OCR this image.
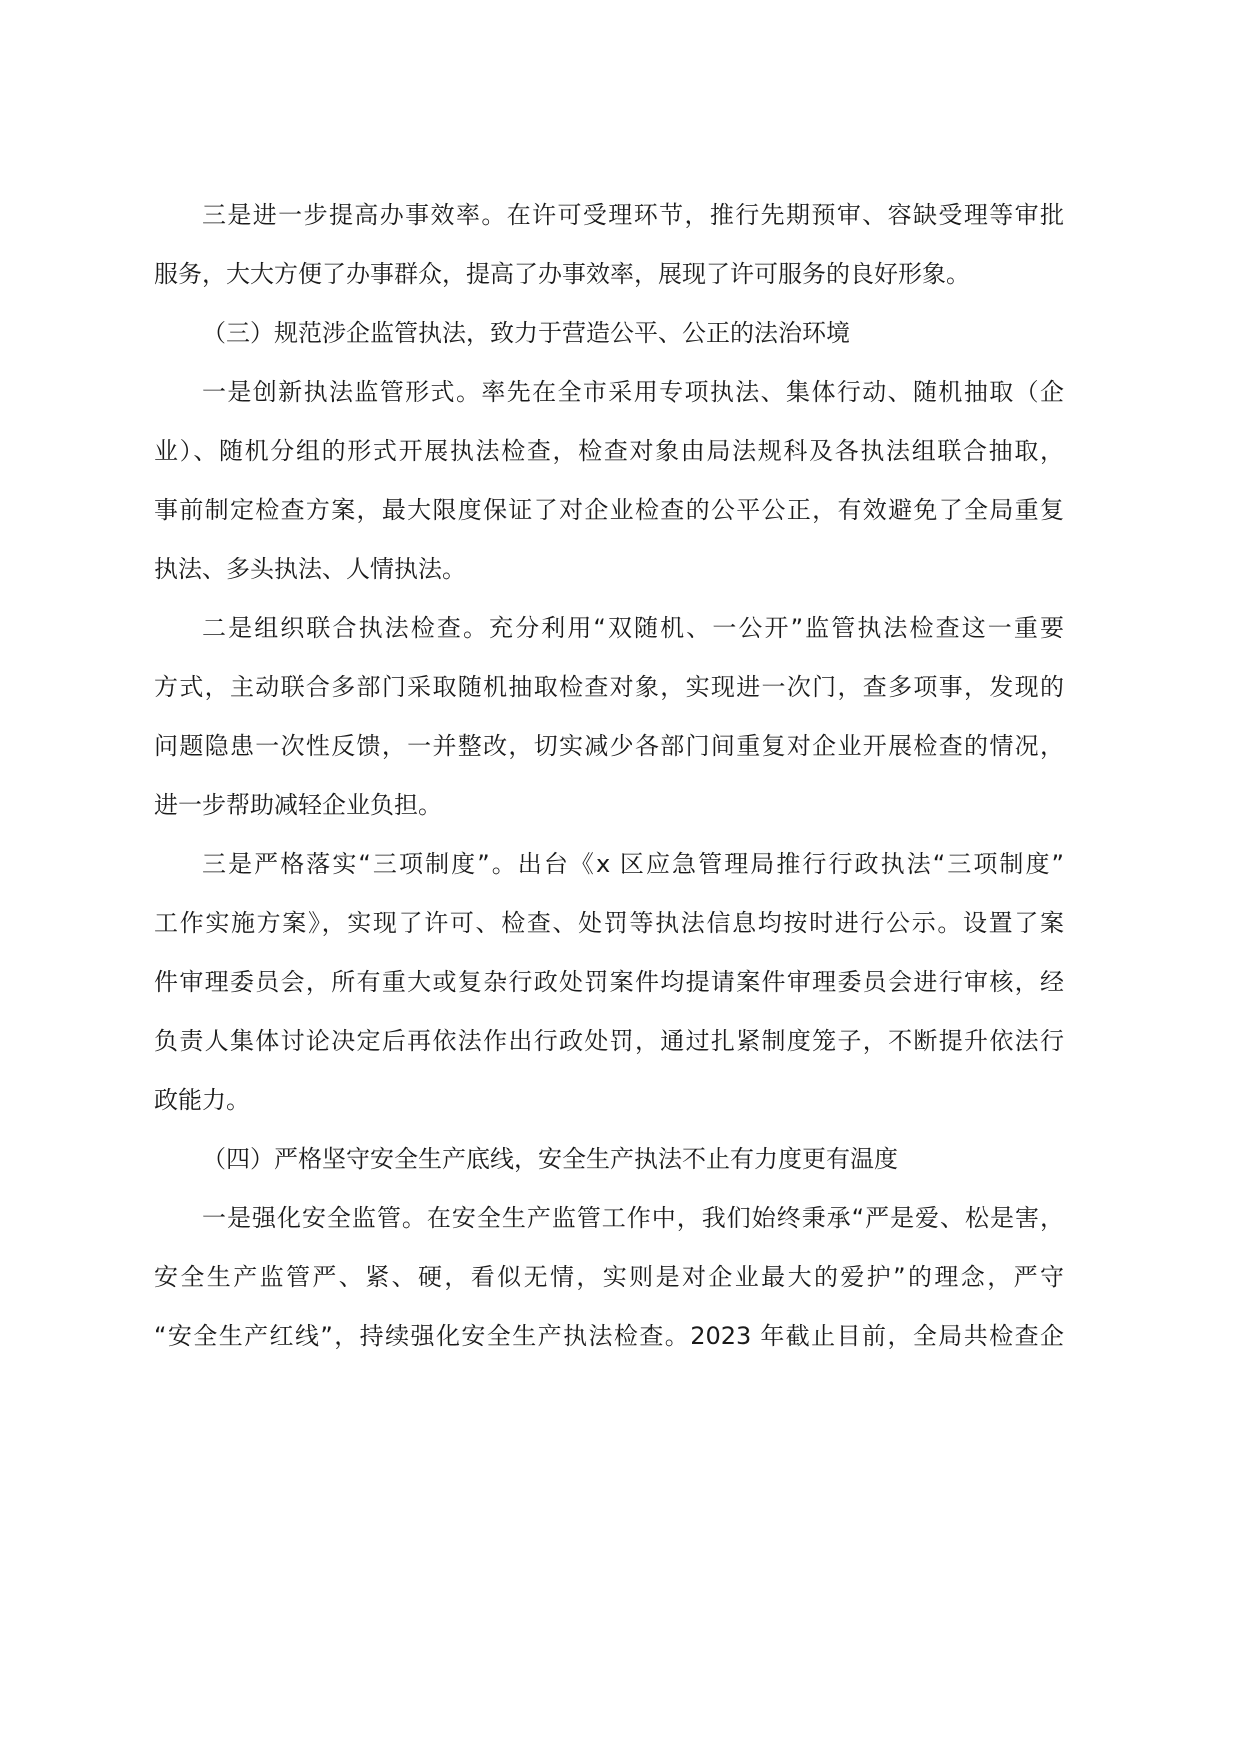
三是进一步提高办事效率。在许可受理环节，推行先期预审、容缺受理等审批
服务，大大方便了办事群众，提高了办事效率，展现了许可服务的良好形象。
（三）规范涉企监管执法，致力于营造公平、公正的法治环境
一是创新执法监管形式。率先在全市采用专项执法、集体行动、随机抽取（企
业）、随机分组的形式开展执法检查，检查对象由局法规科及各执法组联合抽取，
事前制定检查方案，最大限度保证了对企业检查的公平公正，有效避免了全局重复
执法、多头执法、人情执法。
二是组织联合执法检查。充分利用“双随机、一公开”监管执法检查这一重要
方式，主动联合多部门采取随机抽取检查对象，实现进一次门，查多项事，发现的
问题隐患一次性反馈，一并整改，切实减少各部门间重复对企业开展检查的情况，
进一步帮助减轻企业负担。
三是严格落实“三项制度”。出台《x 区应急管理局推行行政执法“三项制度”
工作实施方案》，实现了许可、检查、处罚等执法信息均按时进行公示。设置了案
件审理委员会，所有重大或复杂行政处罚案件均提请案件审理委员会进行审核，经
负责人集体讨论决定后再依法作出行政处罚，通过扎紧制度笼子，不断提升依法行
政能力。
（四）严格坚守安全生产底线，安全生产执法不止有力度更有温度
一是强化安全监管。在安全生产监管工作中，我们始终秉承“严是爱、松是害，
安全生产监管严、紧、硬，看似无情，实则是对企业最大的爱护”的理念，严守
“安全生产红线”，持续强化安全生产执法检查。2023 年截止目前，全局共检查企
